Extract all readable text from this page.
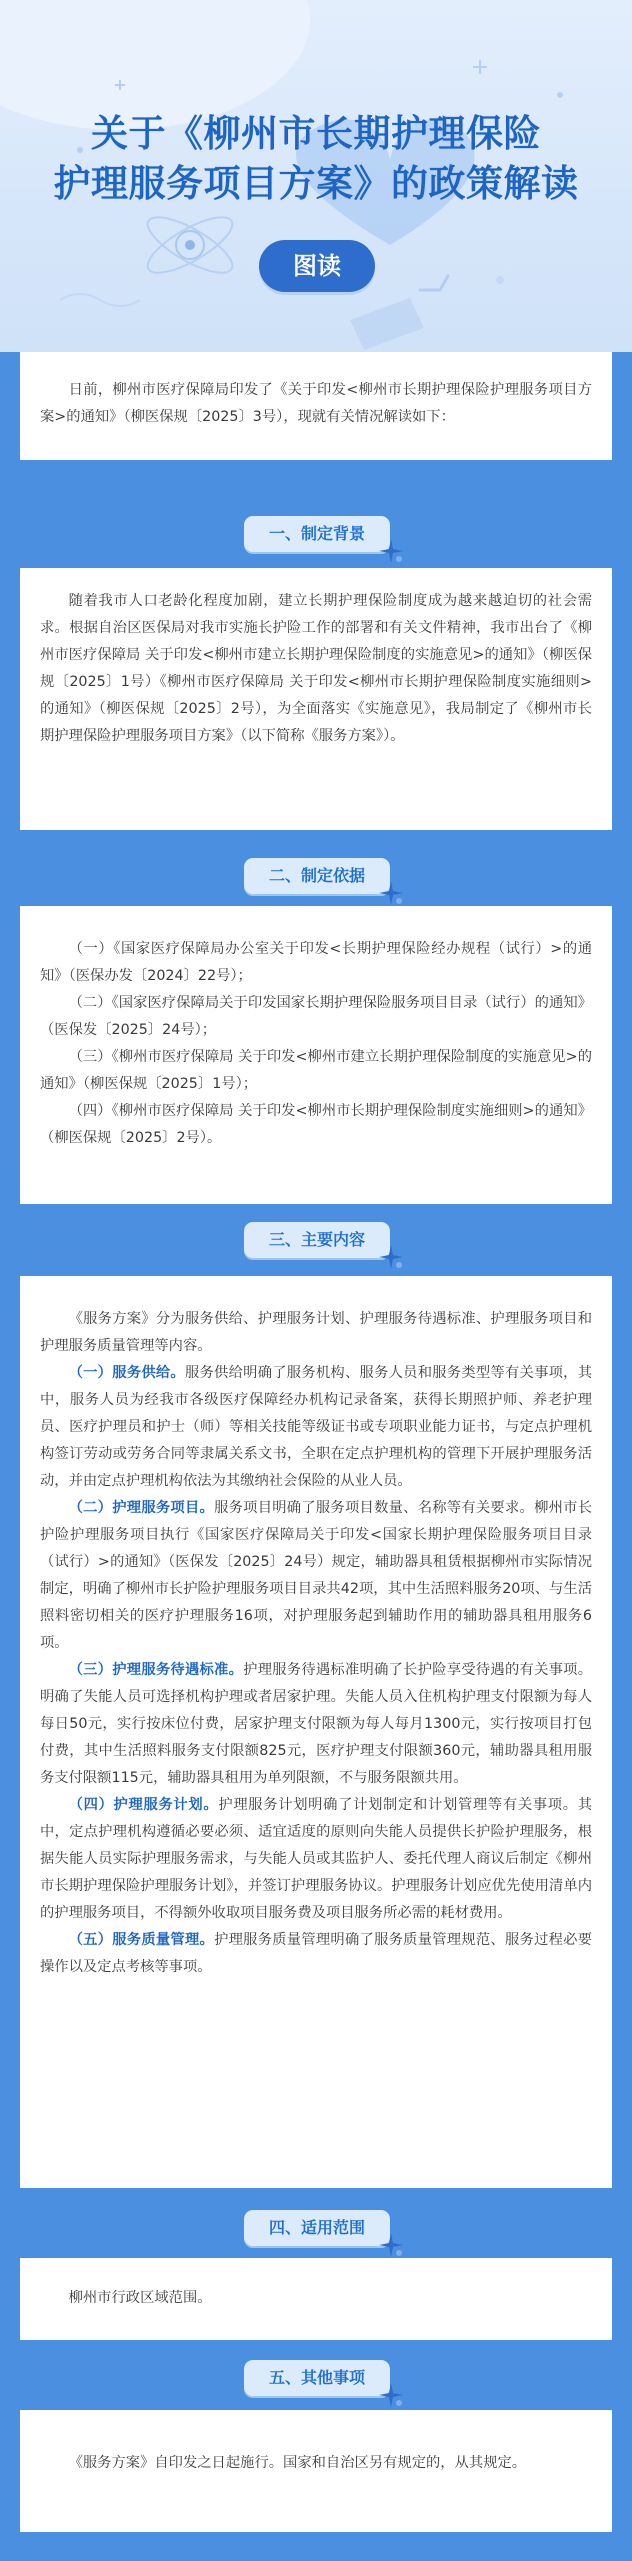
关于《柳州市长期护理保险
护理服务项目方案》的政策解读
图读

日前，柳州市医疗保障局印发了《关于印发<柳州市长期护理保险护理服务项目方案>的通知》（柳医保规〔2025〕3号），现就有关情况解读如下：

一、制定背景

随着我市人口老龄化程度加剧，建立长期护理保险制度成为越来越迫切的社会需求。根据自治区医保局对我市实施长护险工作的部署和有关文件精神，我市出台了《柳州市医疗保障局 关于印发<柳州市建立长期护理保险制度的实施意见>的通知》（柳医保规〔2025〕1号）《柳州市医疗保障局 关于印发<柳州市长期护理保险制度实施细则>的通知》（柳医保规〔2025〕2号），为全面落实《实施意见》，我局制定了《柳州市长期护理保险护理服务项目方案》（以下简称《服务方案》）。

二、制定依据

（一）《国家医疗保障局办公室关于印发<长期护理保险经办规程（试行）>的通知》（医保办发〔2024〕22号）；

（二）《国家医疗保障局关于印发国家长期护理保险服务项目目录（试行）的通知》（医保发〔2025〕24号）；

（三）《柳州市医疗保障局 关于印发<柳州市建立长期护理保险制度的实施意见>的通知》（柳医保规〔2025〕1号）；

（四）《柳州市医疗保障局 关于印发<柳州市长期护理保险制度实施细则>的通知》（柳医保规〔2025〕2号）。

三、主要内容

《服务方案》分为服务供给、护理服务计划、护理服务待遇标准、护理服务项目和护理服务质量管理等内容。

（一）服务供给。服务供给明确了服务机构、服务人员和服务类型等有关事项，其中，服务人员为经我市各级医疗保障经办机构记录备案，获得长期照护师、养老护理员、医疗护理员和护士（师）等相关技能等级证书或专项职业能力证书，与定点护理机构签订劳动或劳务合同等隶属关系文书，全职在定点护理机构的管理下开展护理服务活动，并由定点护理机构依法为其缴纳社会保险的从业人员。

（二）护理服务项目。服务项目明确了服务项目数量、名称等有关要求。柳州市长护险护理服务项目执行《国家医疗保障局关于印发<国家长期护理保险服务项目目录（试行）>的通知》（医保发〔2025〕24号）规定，辅助器具租赁根据柳州市实际情况制定，明确了柳州市长护险护理服务项目目录共42项，其中生活照料服务20项、与生活照料密切相关的医疗护理服务16项，对护理服务起到辅助作用的辅助器具租用服务6项。

（三）护理服务待遇标准。护理服务待遇标准明确了长护险享受待遇的有关事项。明确了失能人员可选择机构护理或者居家护理。失能人员入住机构护理支付限额为每人每日50元，实行按床位付费，居家护理支付限额为每人每月1300元，实行按项目打包付费，其中生活照料服务支付限额825元，医疗护理支付限额360元，辅助器具租用服务支付限额115元，辅助器具租用为单列限额，不与服务限额共用。

（四）护理服务计划。护理服务计划明确了计划制定和计划管理等有关事项。其中，定点护理机构遵循必要必须、适宜适度的原则向失能人员提供长护险护理服务，根据失能人员实际护理服务需求，与失能人员或其监护人、委托代理人商议后制定《柳州市长期护理保险护理服务计划》，并签订护理服务协议。护理服务计划应优先使用清单内的护理服务项目，不得额外收取项目服务费及项目服务所必需的耗材费用。

（五）服务质量管理。护理服务质量管理明确了服务质量管理规范、服务过程必要操作以及定点考核等事项。

四、适用范围

柳州市行政区域范围。

五、其他事项

《服务方案》自印发之日起施行。国家和自治区另有规定的，从其规定。
